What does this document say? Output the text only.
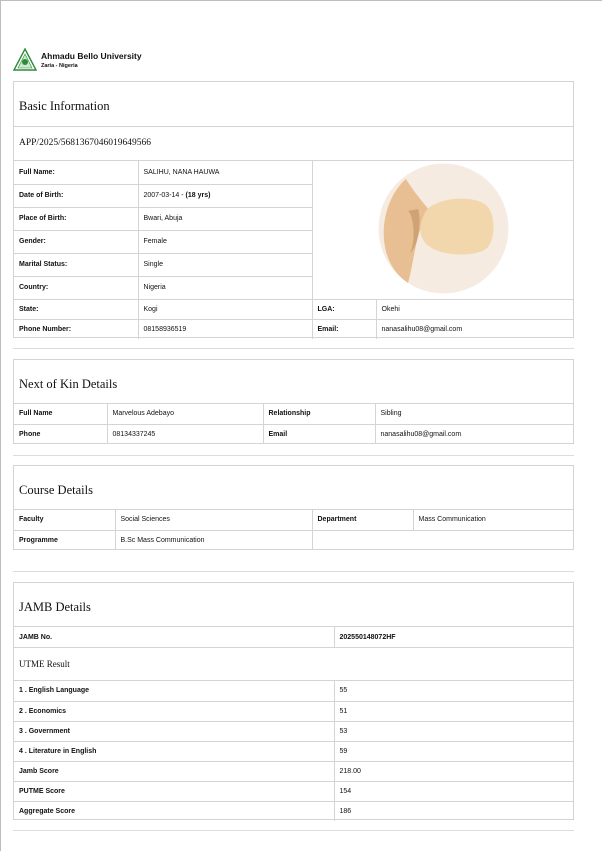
Ahmadu Bello University
Zaria - Nigeria
Basic Information
APP/2025/5681367046019649566
Full Name:	SALIHU, NANA HAUWA	

Date of Birth:	2007-03-14 - (18 yrs)		
Place of Birth:	Bwari, Abuja		
Gender:	Female		
Marital Status:	Single		
Country:	Nigeria		
State:	Kogi	LGA:	Okehi
Phone Number:	08158936519	Email:	nanasalihu08@gmail.com
Next of Kin Details
Full Name	Marvelous Adebayo	Relationship	Sibling
Phone	08134337245	Email	nanasalihu08@gmail.com
Course Details
Faculty	Social Sciences	Department	Mass Communication
Programme	B.Sc Mass Communication		
JAMB Details
JAMB No.	202550148072HF
UTME Result
1 . English Language	55
2 . Economics	51
3 . Government	53
4 . Literature in English	59
Jamb Score	218.00
PUTME Score	154
Aggregate Score	186
